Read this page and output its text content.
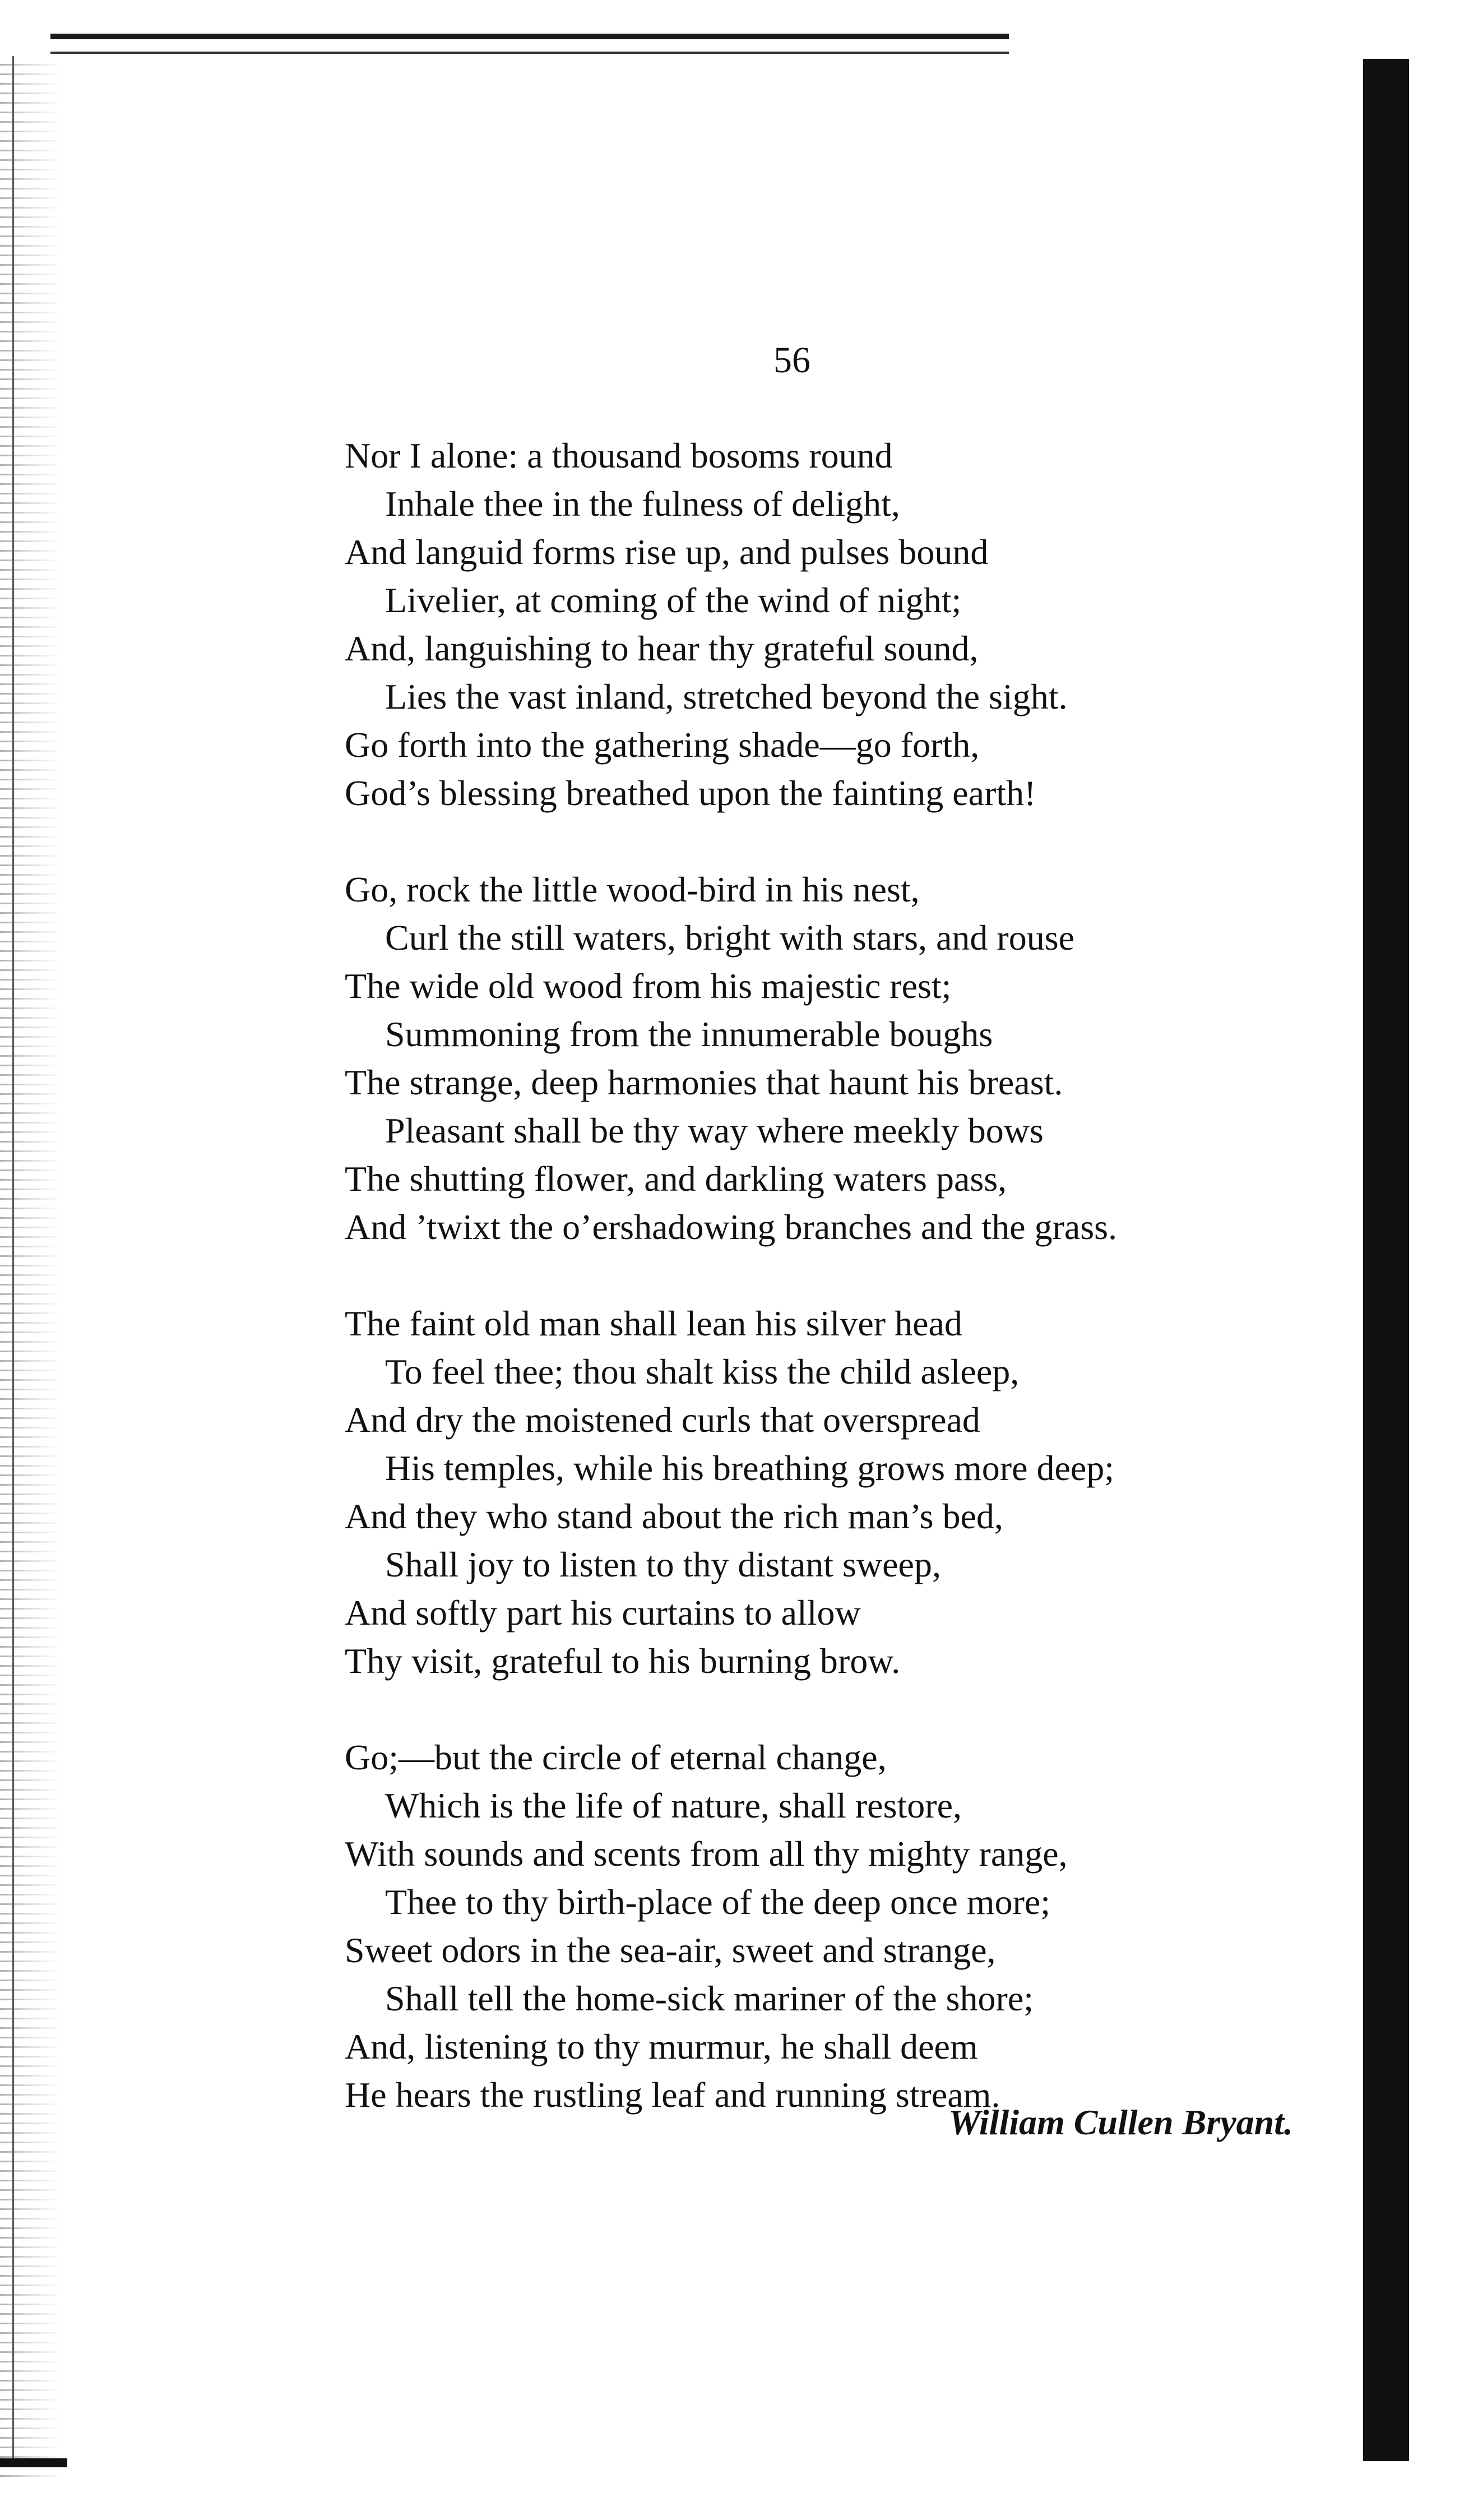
56
Nor I alone: a thousand bosoms round
Inhale thee in the fulness of delight,
And languid forms rise up, and pulses bound
Livelier, at coming of the wind of night;
And, languishing to hear thy grateful sound,
Lies the vast inland, stretched beyond the sight.
Go forth into the gathering shade—go forth,
God’s blessing breathed upon the fainting earth!
Go, rock the little wood-bird in his nest,
Curl the still waters, bright with stars, and rouse
The wide old wood from his majestic rest;
Summoning from the innumerable boughs
The strange, deep harmonies that haunt his breast.
Pleasant shall be thy way where meekly bows
The shutting flower, and darkling waters pass,
And ’twixt the o’ershadowing branches and the grass.
The faint old man shall lean his silver head
To feel thee; thou shalt kiss the child asleep,
And dry the moistened curls that overspread
His temples, while his breathing grows more deep;
And they who stand about the rich man’s bed,
Shall joy to listen to thy distant sweep,
And softly part his curtains to allow
Thy visit, grateful to his burning brow.
Go;—but the circle of eternal change,
Which is the life of nature, shall restore,
With sounds and scents from all thy mighty range,
Thee to thy birth-place of the deep once more;
Sweet odors in the sea-air, sweet and strange,
Shall tell the home-sick mariner of the shore;
And, listening to thy murmur, he shall deem
He hears the rustling leaf and running stream.
William Cullen Bryant.
